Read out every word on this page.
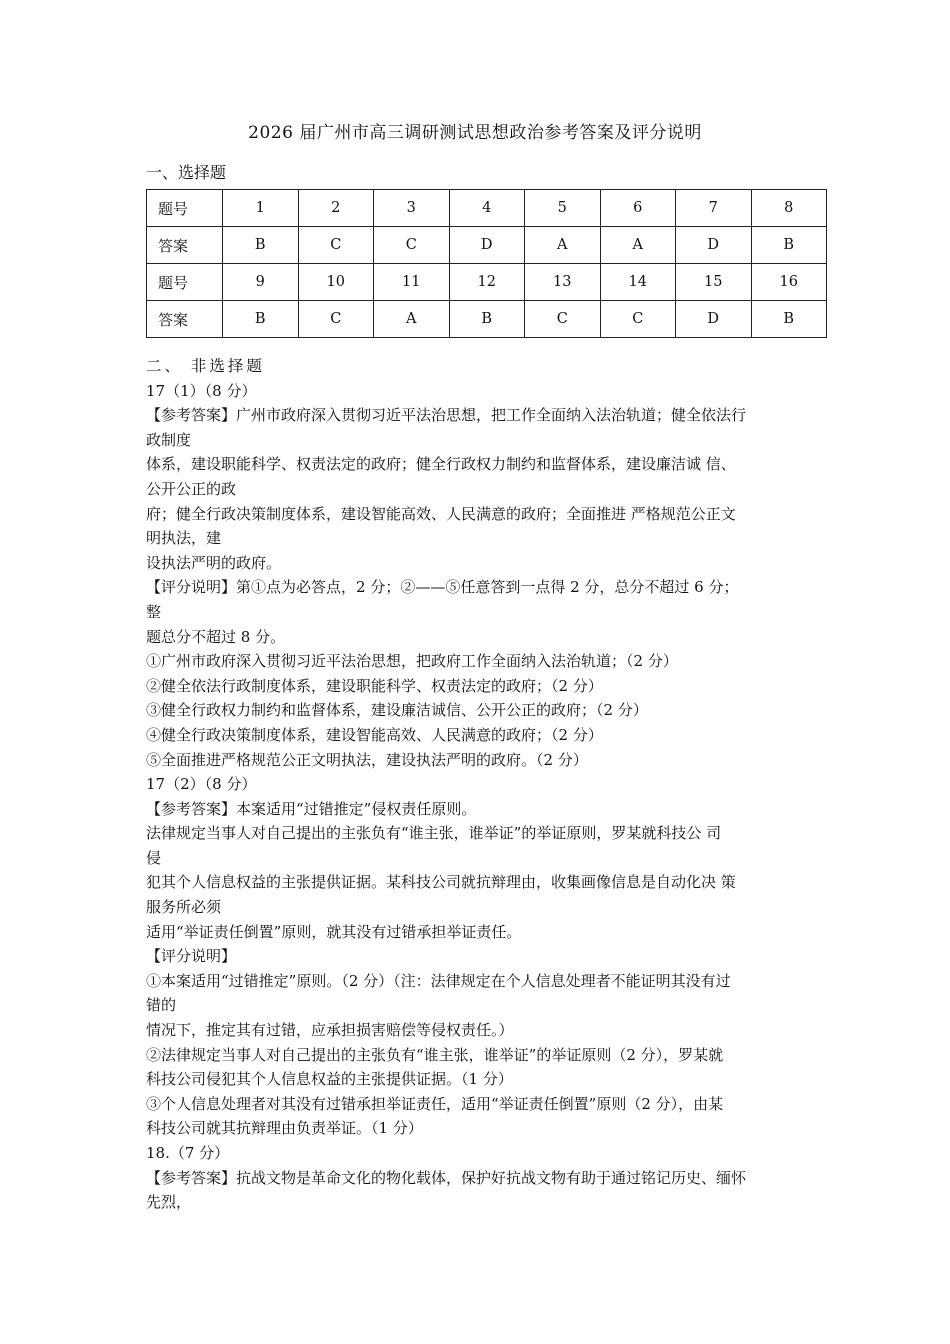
2026 届广州市高三调研测试思想政治参考答案及评分说明
一、选择题
题号	1	2	3	4	5	6	7	8
答案	B	C	C	D	A	A	D	B
题号	9	10	11	12	13	14	15	16
答案	B	C	A	B	C	C	D	B
二、 非选择题
17（1）（8 分）
【参考答案】广州市政府深入贯彻习近平法治思想，把工作全面纳入法治轨道；健全依法行
政制度
体系，建设职能科学、权责法定的政府；健全行政权力制约和监督体系，建设廉洁诚 信、
公开公正的政
府；健全行政决策制度体系，建设智能高效、人民满意的政府；全面推进 严格规范公正文
明执法，建
设执法严明的政府。
【评分说明】第①点为必答点，2 分；②——⑤任意答到一点得 2 分，总分不超过 6 分；
整
题总分不超过 8 分。
①广州市政府深入贯彻习近平法治思想，把政府工作全面纳入法治轨道；（2 分）
②健全依法行政制度体系，建设职能科学、权责法定的政府；（2 分）
③健全行政权力制约和监督体系，建设廉洁诚信、公开公正的政府；（2 分）
④健全行政决策制度体系，建设智能高效、人民满意的政府；（2 分）
⑤全面推进严格规范公正文明执法，建设执法严明的政府。（2 分）
17（2）（8 分）
【参考答案】本案适用“过错推定”侵权责任原则。
法律规定当事人对自己提出的主张负有“谁主张，谁举证”的举证原则，罗某就科技公 司
侵
犯其个人信息权益的主张提供证据。某科技公司就抗辩理由，收集画像信息是自动化决 策
服务所必须
适用“举证责任倒置”原则，就其没有过错承担举证责任。
【评分说明】
①本案适用“过错推定”原则。（2 分）（注：法律规定在个人信息处理者不能证明其没有过
错的
情况下，推定其有过错，应承担损害赔偿等侵权责任。）
②法律规定当事人对自己提出的主张负有“谁主张，谁举证”的举证原则（2 分），罗某就
科技公司侵犯其个人信息权益的主张提供证据。（1 分）
③个人信息处理者对其没有过错承担举证责任，适用“举证责任倒置”原则（2 分），由某
科技公司就其抗辩理由负责举证。（1 分）
18.（7 分）
【参考答案】抗战文物是革命文化的物化载体，保护好抗战文物有助于通过铭记历史、缅怀
先烈，
